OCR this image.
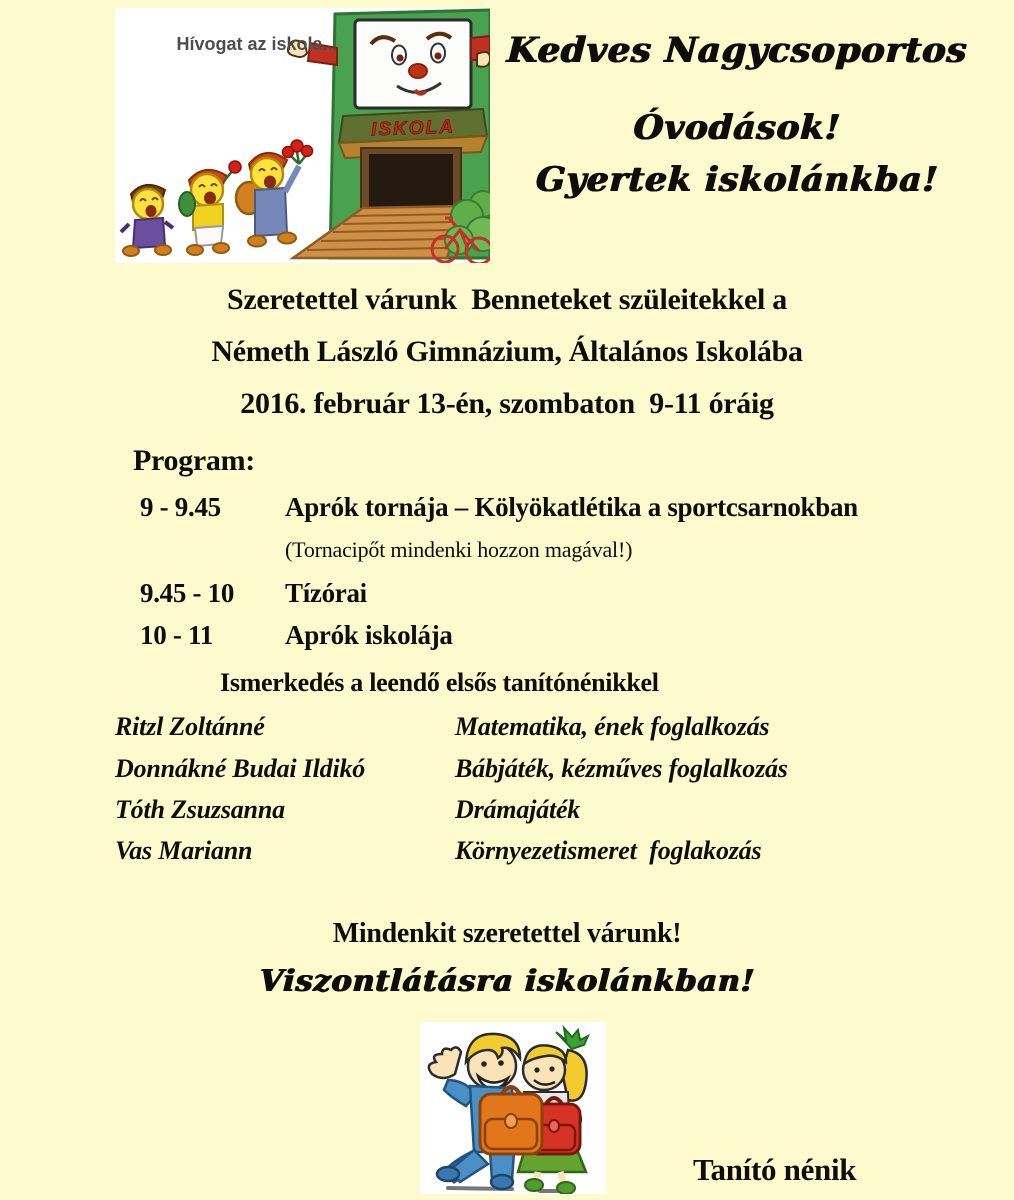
ISKOLA
Hívogat az iskola...	Kedves Nagycsoportos
Óvodások!
Gyertek iskolánkba!
Szeretettel várunk  Benneteket szüleitekkel a
Németh László Gimnázium, Általános Iskolába
2016. február 13-én, szombaton  9-11 óráig
Program:
9 - 9.45 Aprók tornája – Kölyökatlétika a sportcsarnokban
(Tornacipőt mindenki hozzon magával!)
9.45 - 10 Tízórai
10 - 11	Aprók iskolája
Ismerkedés a leendő elsős tanítónénikkel
Ritzl Zoltánné	Matematika, ének foglalkozás
Donnákné Budai Ildikó	Bábjáték, kézműves foglalkozás
Tóth Zsuzsanna	Drámajáték
Vas Mariann	Környezetismeret  foglakozás
Mindenkit szeretettel várunk!
Viszontlátásra iskolánkban!
Tanító nénik
